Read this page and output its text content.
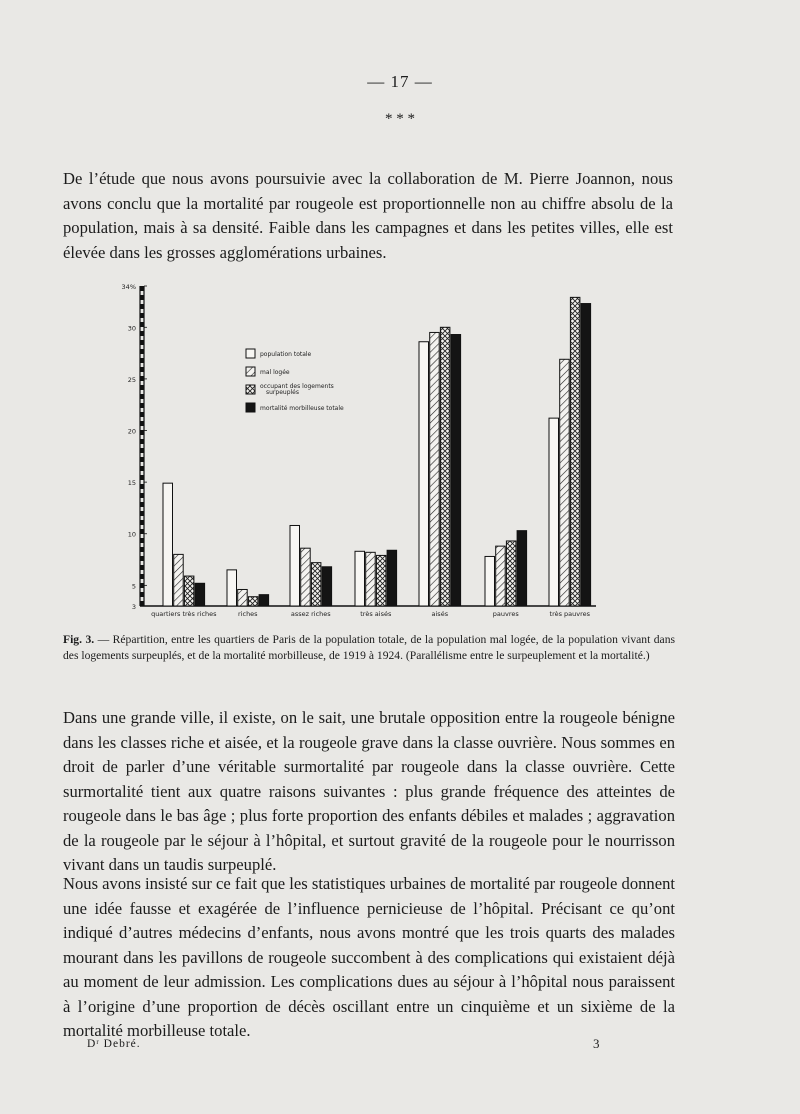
— 17 —
* * *

De l’étude que nous avons poursuivie avec la collaboration de M. Pierre Joannon, nous avons conclu que la mortalité par rougeole est proportionnelle non au chiffre absolu de la population, mais à sa densité. Faible dans les campagnes et dans les petites villes, elle est élevée dans les grosses agglomérations urbaines.

3
5
10
15
20
25
30
34%
quartiers très riches	riches	assez riches	très aisés	aisés	pauvres	très pauvres
population totale
mal logée
occupant des logements surpeuplés
mortalité morbilleuse totale

Fig. 3. — Répartition, entre les quartiers de Paris de la population totale, de la population mal logée, de la population vivant dans des logements surpeuplés, et de la mortalité morbilleuse, de 1919 à 1924. (Parallélisme entre le surpeuplement et la mortalité.)

Dans une grande ville, il existe, on le sait, une brutale opposition entre la rougeole bénigne dans les classes riche et aisée, et la rougeole grave dans la classe ouvrière. Nous sommes en droit de parler d’une véritable surmortalité par rougeole dans la classe ouvrière. Cette surmortalité tient aux quatre raisons suivantes : plus grande fréquence des atteintes de rougeole dans le bas âge ; plus forte proportion des enfants débiles et malades ; aggravation de la rougeole par le séjour à l’hôpital, et surtout gravité de la rougeole pour le nourrisson vivant dans un taudis surpeuplé.

Nous avons insisté sur ce fait que les statistiques urbaines de mortalité par rougeole donnent une idée fausse et exagérée de l’influence pernicieuse de l’hôpital. Précisant ce qu’ont indiqué d’autres médecins d’enfants, nous avons montré que les trois quarts des malades mourant dans les pavillons de rougeole succombent à des complications qui existaient déjà au moment de leur admission. Les complications dues au séjour à l’hôpital nous paraissent à l’origine d’une proportion de décès oscillant entre un cinquième et un sixième de la mortalité morbilleuse totale.

Dʳ Debré.	3
